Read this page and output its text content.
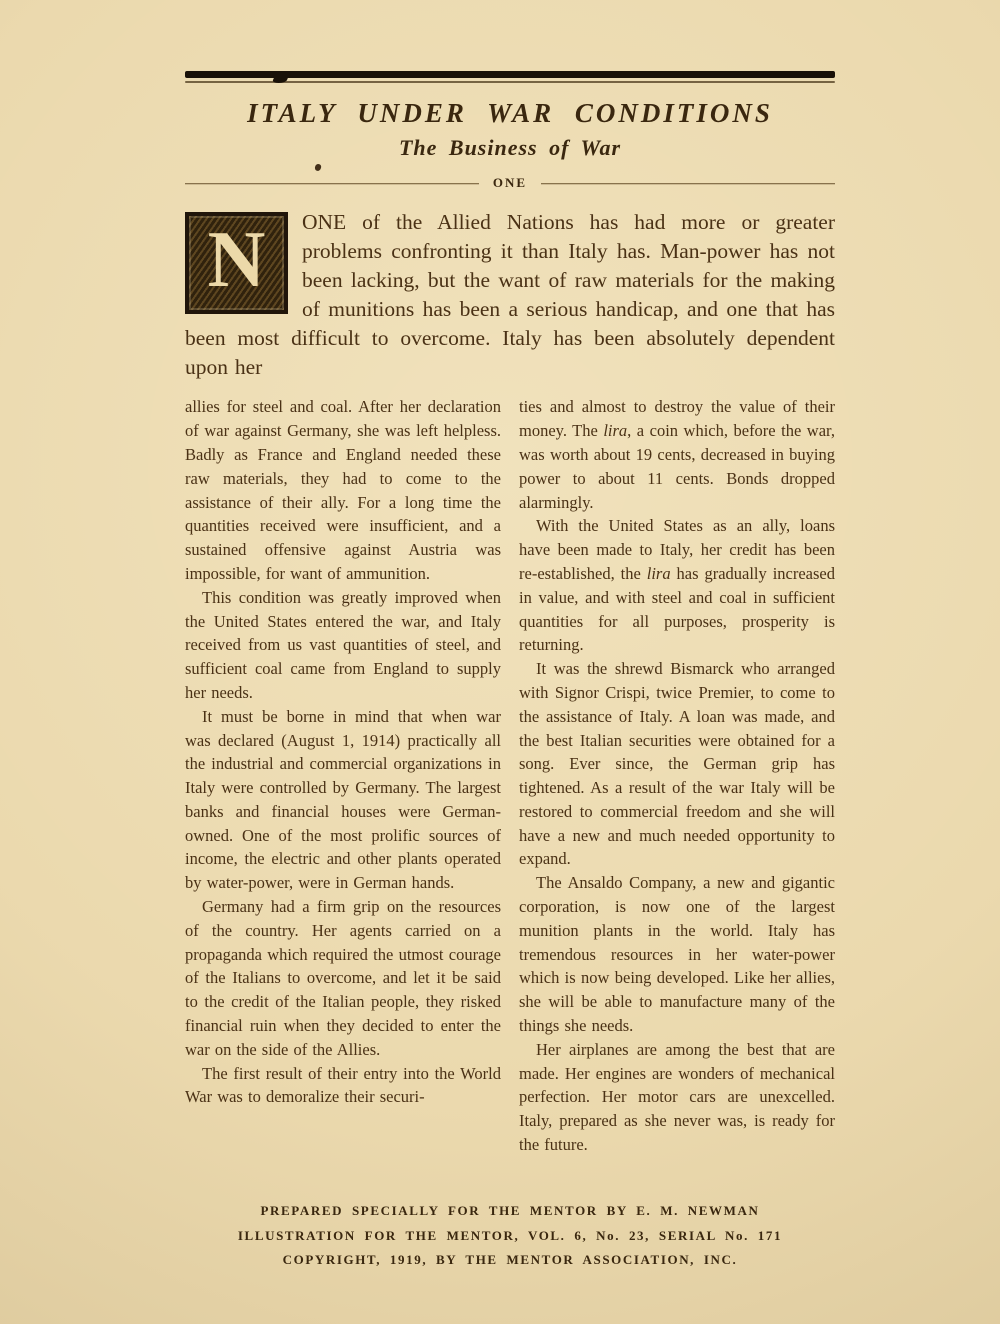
ITALY UNDER WAR CONDITIONS
The Business of War
ONE

N ONE of the Allied Nations has had more or greater problems confronting it than Italy has. Man-power has not been lacking, but the want of raw materials for the making of munitions has been a serious handicap, and one that has been most difficult to overcome. Italy has been absolutely dependent upon her

allies for steel and coal. After her declaration of war against Germany, she was left helpless. Badly as France and England needed these raw materials, they had to come to the assistance of their ally. For a long time the quantities received were insufficient, and a sustained offensive against Austria was impossible, for want of ammunition.

This condition was greatly improved when the United States entered the war, and Italy received from us vast quantities of steel, and sufficient coal came from England to supply her needs.

It must be borne in mind that when war was declared (August 1, 1914) practically all the industrial and commercial organizations in Italy were controlled by Germany. The largest banks and financial houses were German-owned. One of the most prolific sources of income, the electric and other plants operated by water-power, were in German hands.

Germany had a firm grip on the resources of the country. Her agents carried on a propaganda which required the utmost courage of the Italians to overcome, and let it be said to the credit of the Italian people, they risked financial ruin when they decided to enter the war on the side of the Allies.

The first result of their entry into the World War was to demoralize their securi-

ties and almost to destroy the value of their money. The lira, a coin which, before the war, was worth about 19 cents, decreased in buying power to about 11 cents. Bonds dropped alarmingly.

With the United States as an ally, loans have been made to Italy, her credit has been re-established, the lira has gradually increased in value, and with steel and coal in sufficient quantities for all purposes, prosperity is returning.

It was the shrewd Bismarck who arranged with Signor Crispi, twice Premier, to come to the assistance of Italy. A loan was made, and the best Italian securities were obtained for a song. Ever since, the German grip has tightened. As a result of the war Italy will be restored to commercial freedom and she will have a new and much needed opportunity to expand.

The Ansaldo Company, a new and gigantic corporation, is now one of the largest munition plants in the world. Italy has tremendous resources in her water-power which is now being developed. Like her allies, she will be able to manufacture many of the things she needs.

Her airplanes are among the best that are made. Her engines are wonders of mechanical perfection. Her motor cars are unexcelled. Italy, prepared as she never was, is ready for the future.

PREPARED SPECIALLY FOR THE MENTOR BY E. M. NEWMAN
ILLUSTRATION FOR THE MENTOR, VOL. 6, No. 23, SERIAL No. 171
COPYRIGHT, 1919, BY THE MENTOR ASSOCIATION, INC.
